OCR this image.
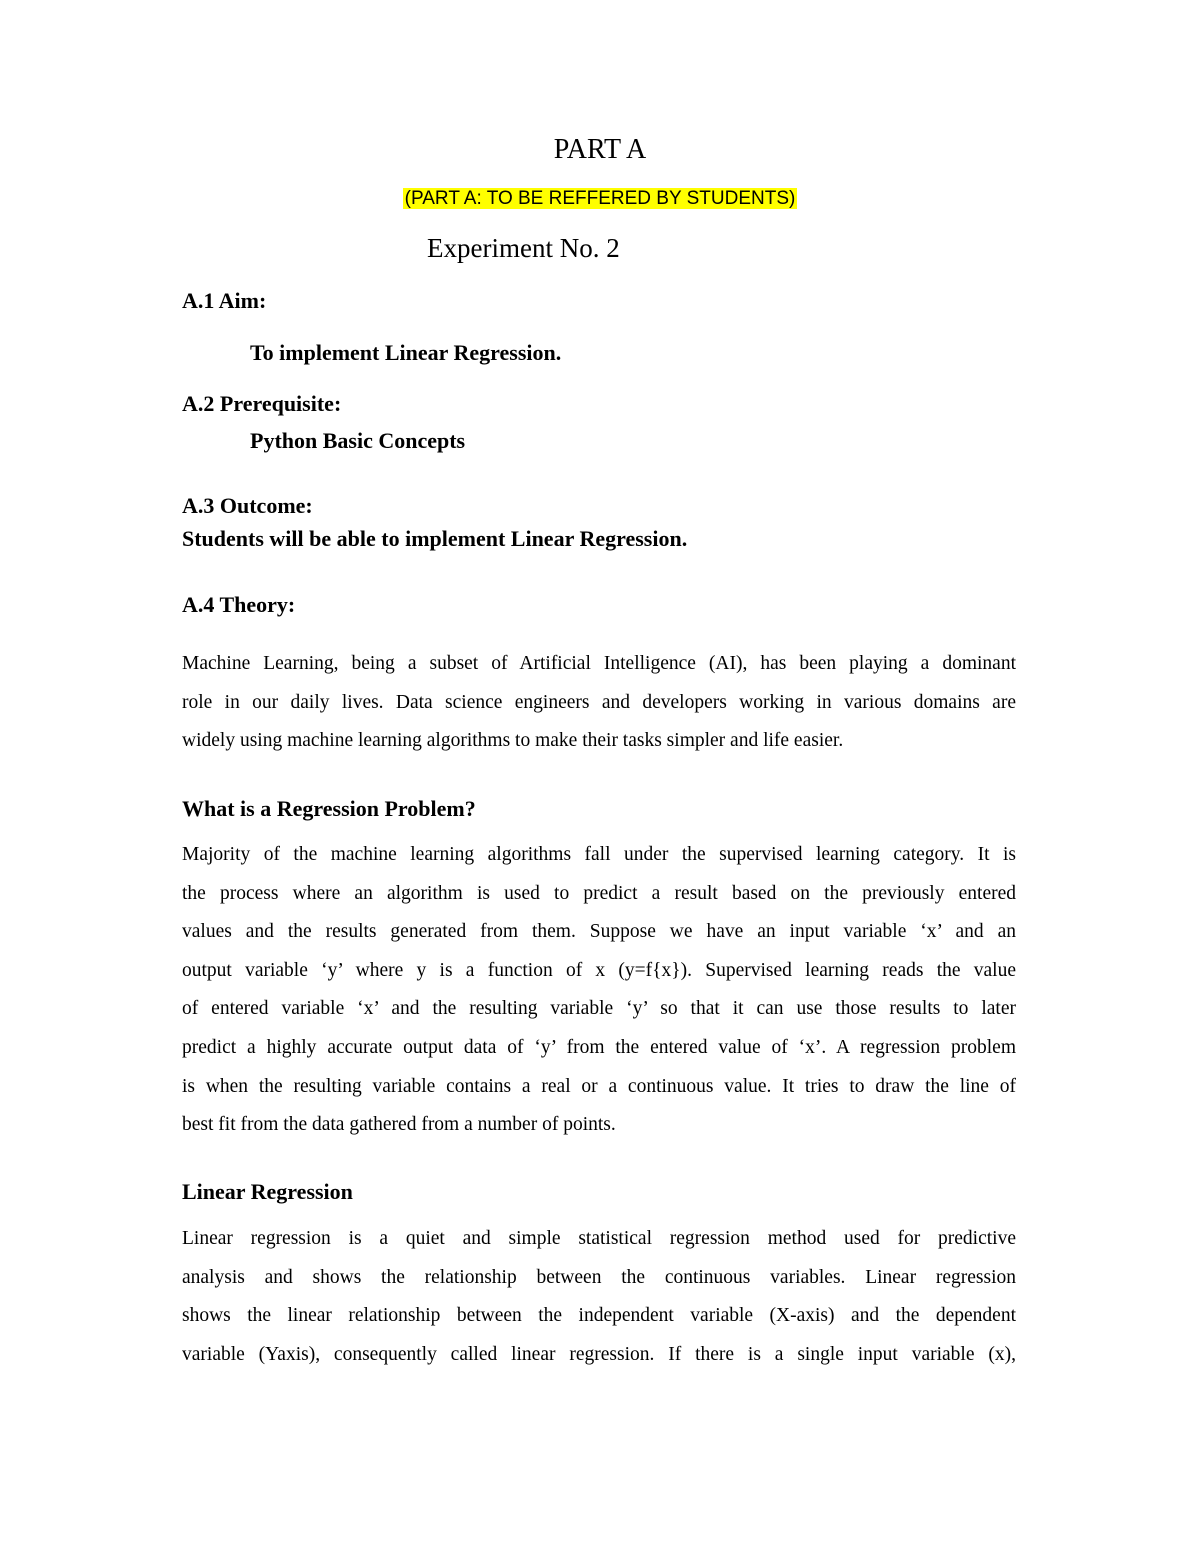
PART A
(PART A: TO BE REFFERED BY STUDENTS)
Experiment No. 2
A.1 Aim:
To implement Linear Regression.
A.2 Prerequisite:
Python Basic Concepts
A.3 Outcome:
Students will be able to implement Linear Regression.
A.4 Theory:
Machine Learning, being a subset of Artificial Intelligence (AI), has been playing a dominant
role in our daily lives. Data science engineers and developers working in various domains are
widely using machine learning algorithms to make their tasks simpler and life easier.
What is a Regression Problem?
Majority of the machine learning algorithms fall under the supervised learning category. It is
the process where an algorithm is used to predict a result based on the previously entered
values and the results generated from them. Suppose we have an input variable ‘x’ and an
output variable ‘y’ where y is a function of x (y=f{x}). Supervised learning reads the value
of entered variable ‘x’ and the resulting variable ‘y’ so that it can use those results to later
predict a highly accurate output data of ‘y’ from the entered value of ‘x’. A regression problem
is when the resulting variable contains a real or a continuous value. It tries to draw the line of
best fit from the data gathered from a number of points.
Linear Regression
Linear regression is a quiet and simple statistical regression method used for predictive
analysis and shows the relationship between the continuous variables. Linear regression
shows the linear relationship between the independent variable (X-axis) and the dependent
variable (Yaxis), consequently called linear regression. If there is a single input variable (x),
